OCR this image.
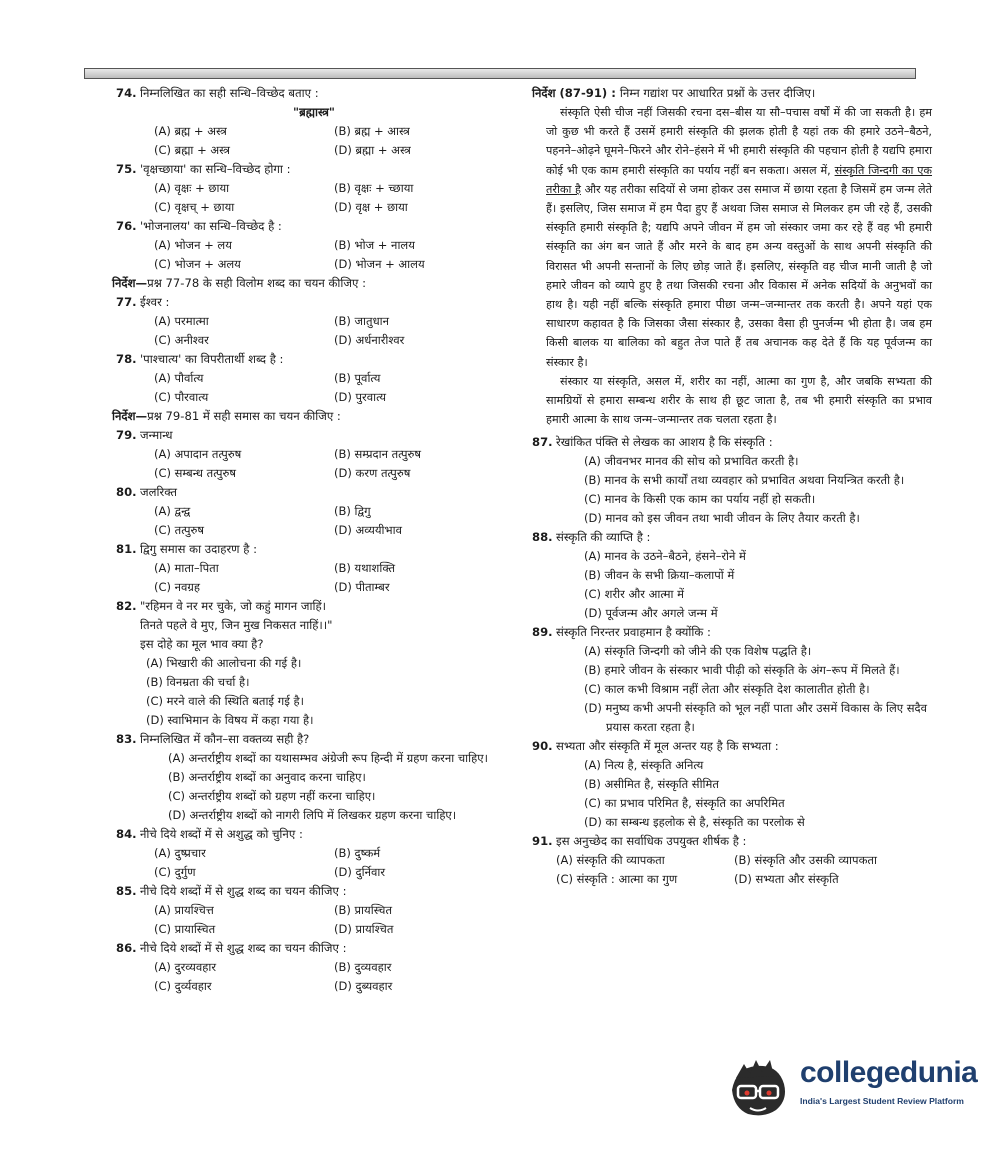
74. निम्नलिखित का सही सन्धि–विच्छेद बताए :
"ब्रह्मास्त्र"
(A) ब्रह्म + अस्त्र	(B) ब्रह्म + आस्त्र
(C) ब्रह्मा + अस्त्र	(D) ब्रह्मा + अस्त्र
75. 'वृक्षच्छाया' का सन्धि–विच्छेद होगा :
(A) वृक्षः + छाया	(B) वृक्षः + च्छाया
(C) वृक्षच् + छाया	(D) वृक्ष + छाया
76. 'भोजनालय' का सन्धि–विच्छेद है :
(A) भोजन + लय	(B) भोज + नालय
(C) भोजन + अलय	(D) भोजन + आलय
निर्देश—प्रश्न 77-78 के सही विलोम शब्द का चयन कीजिए :
77. ईश्वर :
(A) परमात्मा	(B) जातुधान
(C) अनीश्वर	(D) अर्धनारीश्वर
78. 'पाश्चात्य' का विपरीतार्थी शब्द है :
(A) पौर्वात्य	(B) पूर्वात्य
(C) पौरवात्य	(D) पुरवात्य
निर्देश—प्रश्न 79-81 में सही समास का चयन कीजिए :
79. जन्मान्ध
(A) अपादान तत्पुरुष	(B) सम्प्रदान तत्पुरुष
(C) सम्बन्ध तत्पुरुष	(D) करण तत्पुरुष
80. जलरिक्त
(A) द्वन्द्व	(B) द्विगु
(C) तत्पुरुष	(D) अव्ययीभाव
81. द्विगु समास का उदाहरण है :
(A) माता–पिता	(B) यथाशक्ति
(C) नवग्रह	(D) पीताम्बर
82. "रहिमन वे नर मर चुके, जो कहुं मागन जाहिं।
तिनते पहले वे मुए, जिन मुख निकसत नाहिं।।"
इस दोहे का मूल भाव क्या है?
(A) भिखारी की आलोचना की गई है।
(B) विनम्रता की चर्चा है।
(C) मरने वाले की स्थिति बताई गई है।
(D) स्वाभिमान के विषय में कहा गया है।
83. निम्नलिखित में कौन–सा वक्तव्य सही है?
(A) अन्तर्राष्ट्रीय शब्दों का यथासम्भव अंग्रेजी रूप हिन्दी में ग्रहण करना चाहिए।
(B) अन्तर्राष्ट्रीय शब्दों का अनुवाद करना चाहिए।
(C) अन्तर्राष्ट्रीय शब्दों को ग्रहण नहीं करना चाहिए।
(D) अन्तर्राष्ट्रीय शब्दों को नागरी लिपि में लिखकर ग्रहण करना चाहिए।
84. नीचे दिये शब्दों में से अशुद्ध को चुनिए :
(A) दुष्प्रचार	(B) दुष्कर्म
(C) दुर्गुण	(D) दुर्निवार
85. नीचे दिये शब्दों में से शुद्ध शब्द का चयन कीजिए :
(A) प्रायश्चित्त	(B) प्रायस्चित
(C) प्रायास्चित	(D) प्रायश्चित
86. नीचे दिये शब्दों में से शुद्ध शब्द का चयन कीजिए :
(A) दुरव्यवहार	(B) दुव्यवहार
(C) दुर्व्यवहार	(D) दुब्यवहार
निर्देश (87-91) : निम्न गद्यांश पर आधारित प्रश्नों के उत्तर दीजिए।

संस्कृति ऐसी चीज नहीं जिसकी रचना दस–बीस या सौ–पचास वर्षों में की जा सकती है। हम जो कुछ भी करते हैं उसमें हमारी संस्कृति की झलक होती है यहां तक की हमारे उठने–बैठने, पहनने–ओढ़ने घूमने–फिरने और रोने–हंसने में भी हमारी संस्कृति की पहचान होती है यद्यपि हमारा कोई भी एक काम हमारी संस्कृति का पर्याय नहीं बन सकता। असल में, संस्कृति जिन्दगी का एक तरीका है और यह तरीका सदियों से जमा होकर उस समाज में छाया रहता है जिसमें हम जन्म लेते हैं। इसलिए, जिस समाज में हम पैदा हुए हैं अथवा जिस समाज से मिलकर हम जी रहे हैं, उसकी संस्कृति हमारी संस्कृति है; यद्यपि अपने जीवन में हम जो संस्कार जमा कर रहे हैं वह भी हमारी संस्कृति का अंग बन जाते हैं और मरने के बाद हम अन्य वस्तुओं के साथ अपनी संस्कृति की विरासत भी अपनी सन्तानों के लिए छोड़ जाते हैं। इसलिए, संस्कृति वह चीज मानी जाती है जो हमारे जीवन को व्यापे हुए है तथा जिसकी रचना और विकास में अनेक सदियों के अनुभवों का हाथ है। यही नहीं बल्कि संस्कृति हमारा पीछा जन्म–जन्मान्तर तक करती है। अपने यहां एक साधारण कहावत है कि जिसका जैसा संस्कार है, उसका वैसा ही पुनर्जन्म भी होता है। जब हम किसी बालक या बालिका को बहुत तेज पाते हैं तब अचानक कह देते हैं कि यह पूर्वजन्म का संस्कार है।

संस्कार या संस्कृति, असल में, शरीर का नहीं, आत्मा का गुण है, और जबकि सभ्यता की सामग्रियों से हमारा सम्बन्ध शरीर के साथ ही छूट जाता है, तब भी हमारी संस्कृति का प्रभाव हमारी आत्मा के साथ जन्म–जन्मान्तर तक चलता रहता है।

87. रेखांकित पंक्ति से लेखक का आशय है कि संस्कृति :
(A) जीवनभर मानव की सोच को प्रभावित करती है।
(B) मानव के सभी कार्यों तथा व्यवहार को प्रभावित अथवा नियन्त्रित करती है।
(C) मानव के किसी एक काम का पर्याय नहीं हो सकती।
(D) मानव को इस जीवन तथा भावी जीवन के लिए तैयार करती है।
88. संस्कृति की व्याप्ति है :
(A) मानव के उठने–बैठने, हंसने–रोने में
(B) जीवन के सभी क्रिया–कलापों में
(C) शरीर और आत्मा में
(D) पूर्वजन्म और अगले जन्म में
89. संस्कृति निरन्तर प्रवाहमान है क्योंकि :
(A) संस्कृति जिन्दगी को जीने की एक विशेष पद्धति है।
(B) हमारे जीवन के संस्कार भावी पीढ़ी को संस्कृति के अंग–रूप में मिलते हैं।
(C) काल कभी विश्राम नहीं लेता और संस्कृति देश कालातीत होती है।
(D) मनुष्य कभी अपनी संस्कृति को भूल नहीं पाता और उसमें विकास के लिए सदैव प्रयास करता रहता है।
90. सभ्यता और संस्कृति में मूल अन्तर यह है कि सभ्यता :
(A) नित्य है, संस्कृति अनित्य
(B) असीमित है, संस्कृति सीमित
(C) का प्रभाव परिमित है, संस्कृति का अपरिमित
(D) का सम्बन्ध इहलोक से है, संस्कृति का परलोक से
91. इस अनुच्छेद का सर्वाधिक उपयुक्त शीर्षक है :
(A) संस्कृति की व्यापकता	(B) संस्कृति और उसकी व्यापकता
(C) संस्कृति : आत्मा का गुण	(D) सभ्यता और संस्कृति
collegedunia
India's Largest Student Review Platform
